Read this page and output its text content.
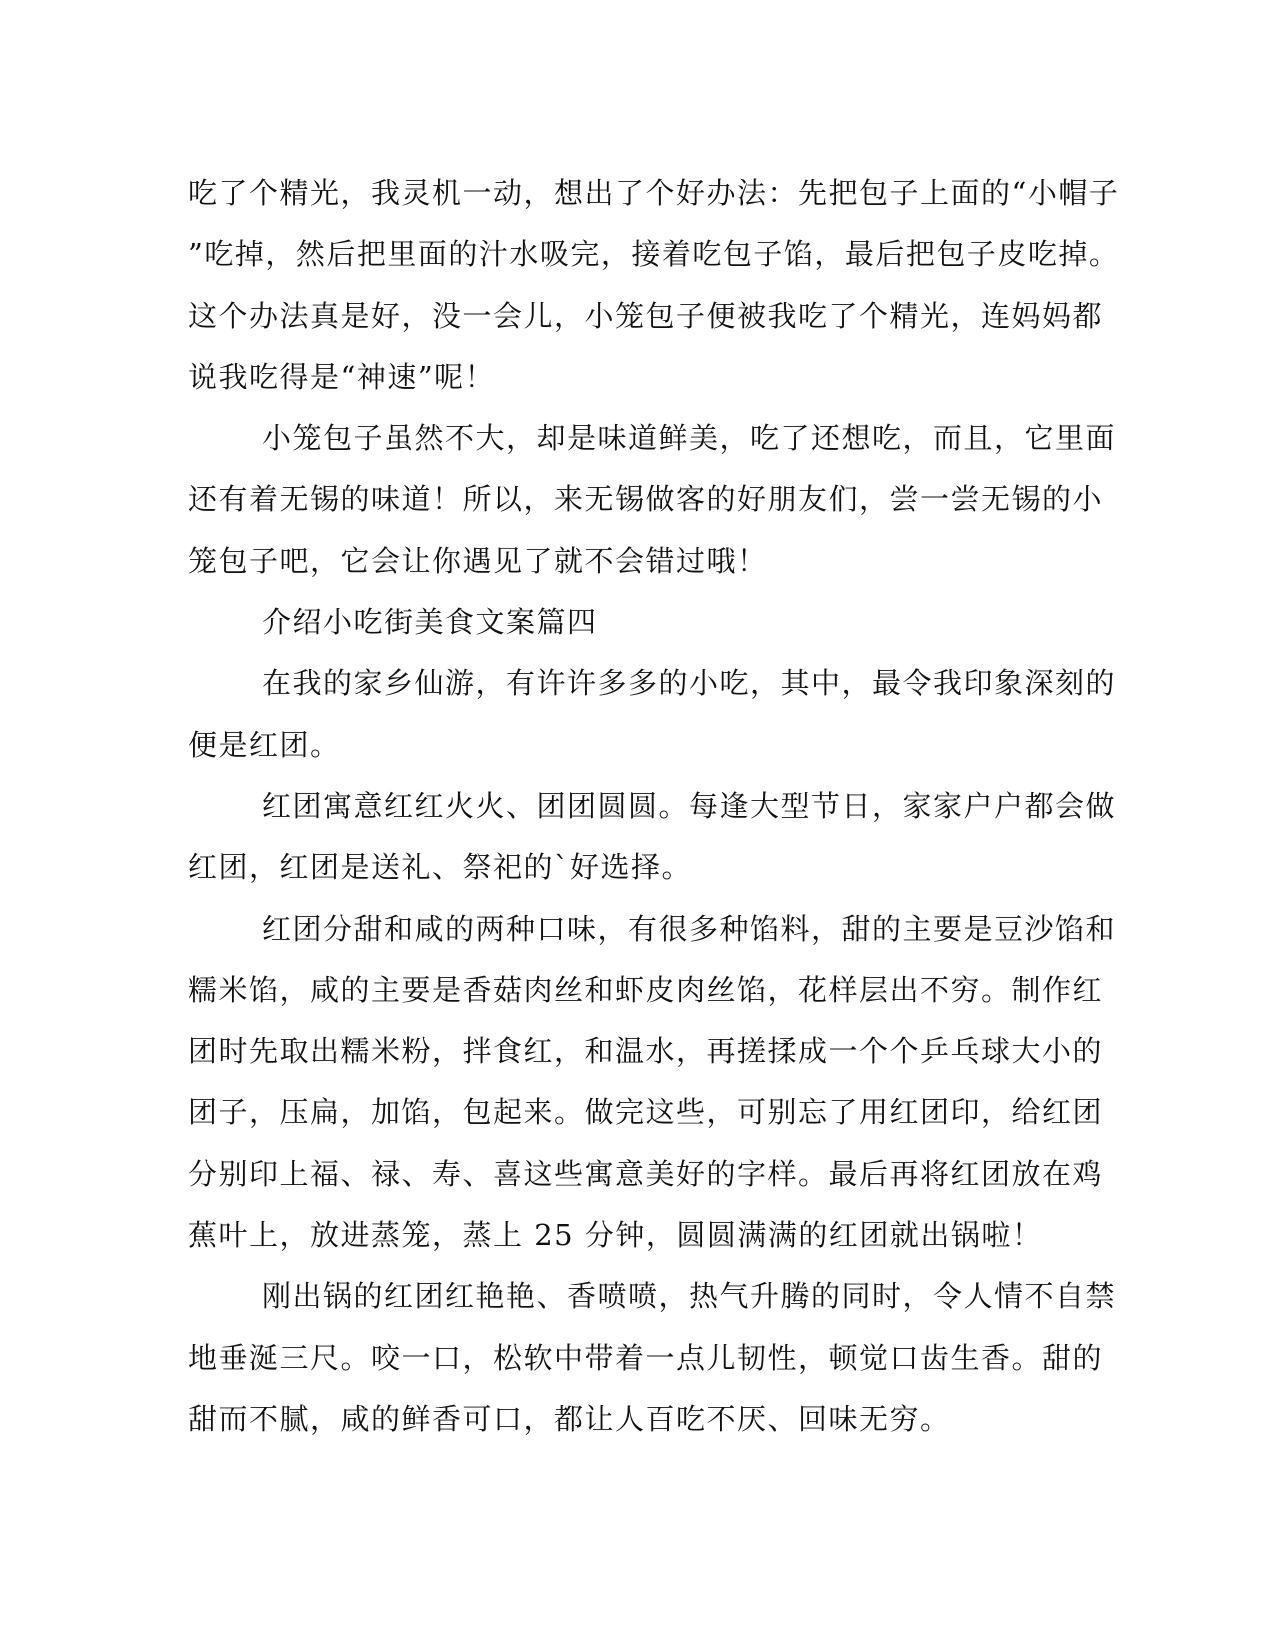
吃了个精光，我灵机一动，想出了个好办法：先把包子上面的“小帽子
”吃掉，然后把里面的汁水吸完，接着吃包子馅，最后把包子皮吃掉。
这个办法真是好，没一会儿，小笼包子便被我吃了个精光，连妈妈都
说我吃得是“神速”呢！
小笼包子虽然不大，却是味道鲜美，吃了还想吃，而且，它里面
还有着无锡的味道！所以，来无锡做客的好朋友们，尝一尝无锡的小
笼包子吧，它会让你遇见了就不会错过哦！
介绍小吃街美食文案篇四
在我的家乡仙游，有许许多多的小吃，其中，最令我印象深刻的
便是红团。
红团寓意红红火火、团团圆圆。每逢大型节日，家家户户都会做
红团，红团是送礼、祭祀的`好选择。
红团分甜和咸的两种口味，有很多种馅料，甜的主要是豆沙馅和
糯米馅，咸的主要是香菇肉丝和虾皮肉丝馅，花样层出不穷。制作红
团时先取出糯米粉，拌食红，和温水，再搓揉成一个个乒乓球大小的
团子，压扁，加馅，包起来。做完这些，可别忘了用红团印，给红团
分别印上福、禄、寿、喜这些寓意美好的字样。最后再将红团放在鸡
蕉叶上，放进蒸笼，蒸上 25 分钟，圆圆满满的红团就出锅啦！
刚出锅的红团红艳艳、香喷喷，热气升腾的同时，令人情不自禁
地垂涎三尺。咬一口，松软中带着一点儿韧性，顿觉口齿生香。甜的
甜而不腻，咸的鲜香可口，都让人百吃不厌、回味无穷。
